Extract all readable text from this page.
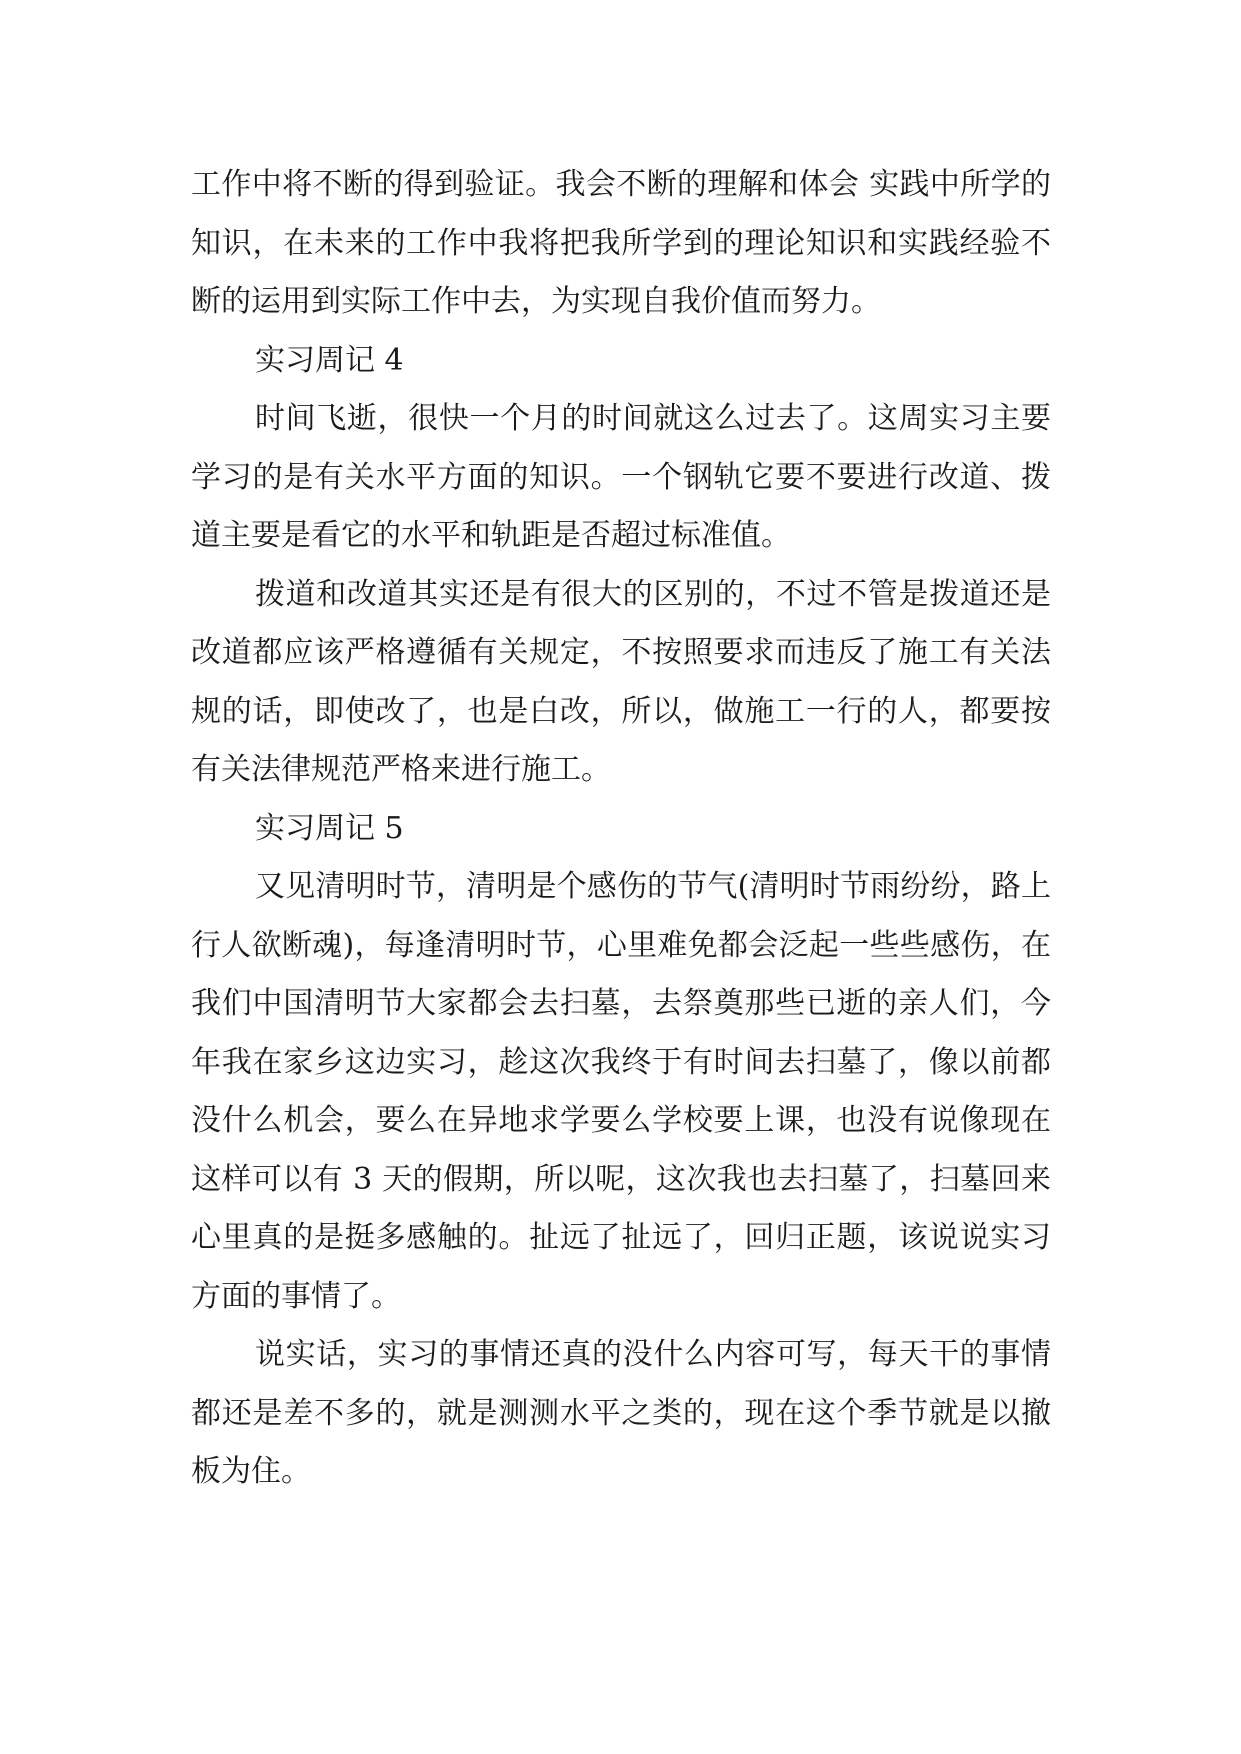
工作中将不断的得到验证。我会不断的理解和体会 实践中所学的知识，在未来的工作中我将把我所学到的理论知识和实践经验不断的运用到实际工作中去，为实现自我价值而努力。

实习周记 4

时间飞逝，很快一个月的时间就这么过去了。这周实习主要学习的是有关水平方面的知识。一个钢轨它要不要进行改道、拨道主要是看它的水平和轨距是否超过标准值。

拨道和改道其实还是有很大的区别的，不过不管是拨道还是改道都应该严格遵循有关规定，不按照要求而违反了施工有关法规的话，即使改了，也是白改，所以，做施工一行的人，都要按有关法律规范严格来进行施工。

实习周记 5

又见清明时节，清明是个感伤的节气(清明时节雨纷纷，路上行人欲断魂)，每逢清明时节，心里难免都会泛起一些些感伤，在我们中国清明节大家都会去扫墓，去祭奠那些已逝的亲人们，今年我在家乡这边实习，趁这次我终于有时间去扫墓了，像以前都没什么机会，要么在异地求学要么学校要上课，也没有说像现在这样可以有 3 天的假期，所以呢，这次我也去扫墓了，扫墓回来心里真的是挺多感触的。扯远了扯远了，回归正题，该说说实习方面的事情了。

说实话，实习的事情还真的没什么内容可写，每天干的事情都还是差不多的，就是测测水平之类的，现在这个季节就是以撤板为住。
